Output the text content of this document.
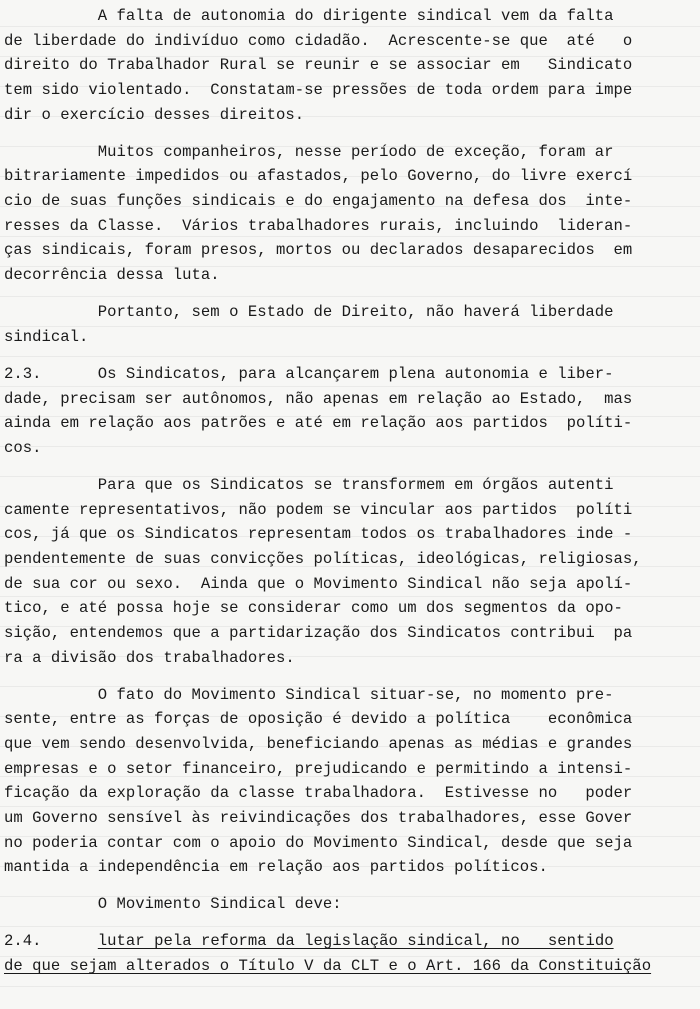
A falta de autonomia do dirigente sindical vem da falta
de liberdade do indivíduo como cidadão.  Acrescente-se que  até   o
direito do Trabalhador Rural se reunir e se associar em   Sindicato
tem sido violentado.  Constatam-se pressões de toda ordem para impe
dir o exercício desses direitos.
Muitos companheiros, nesse período de exceção, foram ar
bitrariamente impedidos ou afastados, pelo Governo, do livre exercí
cio de suas funções sindicais e do engajamento na defesa dos  inte-
resses da Classe.  Vários trabalhadores rurais, incluindo  lideran-
ças sindicais, foram presos, mortos ou declarados desaparecidos  em
decorrência dessa luta.
Portanto, sem o Estado de Direito, não haverá liberdade
sindical.
2.3.      Os Sindicatos, para alcançarem plena autonomia e liber-
dade, precisam ser autônomos, não apenas em relação ao Estado,  mas
ainda em relação aos patrões e até em relação aos partidos  políti-
cos.
Para que os Sindicatos se transformem em órgãos autenti
camente representativos, não podem se vincular aos partidos  políti
cos, já que os Sindicatos representam todos os trabalhadores inde -
pendentemente de suas convicções políticas, ideológicas, religiosas,
de sua cor ou sexo.  Ainda que o Movimento Sindical não seja apolí-
tico, e até possa hoje se considerar como um dos segmentos da opo-
sição, entendemos que a partidarização dos Sindicatos contribui  pa
ra a divisão dos trabalhadores.
O fato do Movimento Sindical situar-se, no momento pre-
sente, entre as forças de oposição é devido a política    econômica
que vem sendo desenvolvida, beneficiando apenas as médias e grandes
empresas e o setor financeiro, prejudicando e permitindo a intensi-
ficação da exploração da classe trabalhadora.  Estivesse no   poder
um Governo sensível às reivindicações dos trabalhadores, esse Gover
no poderia contar com o apoio do Movimento Sindical, desde que seja
mantida a independência em relação aos partidos políticos.
O Movimento Sindical deve:
2.4.	lutar pela reforma da legislação sindical, no   sentido
de que sejam alterados o Título V da CLT e o Art. 166 da Constituição
